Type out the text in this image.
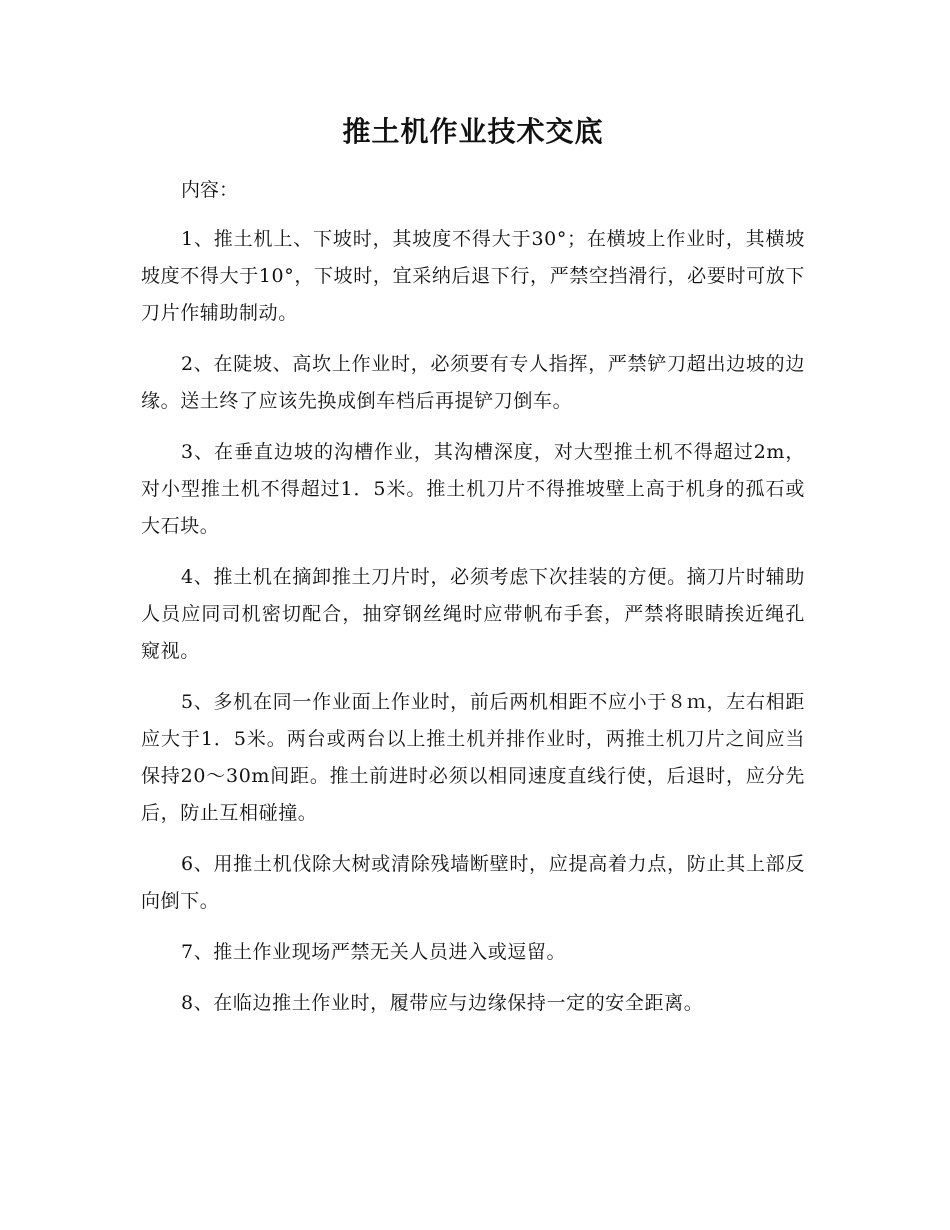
推土机作业技术交底

内容：

1、推土机上、下坡时，其坡度不得大于30°；在横坡上作业时，其横坡坡度不得大于10°，下坡时，宜采纳后退下行，严禁空挡滑行，必要时可放下刀片作辅助制动。

2、在陡坡、高坎上作业时，必须要有专人指挥，严禁铲刀超出边坡的边缘。送土终了应该先换成倒车档后再提铲刀倒车。

3、在垂直边坡的沟槽作业，其沟槽深度，对大型推土机不得超过2m，对小型推土机不得超过1．5米。推土机刀片不得推坡壁上高于机身的孤石或大石块。

4、推土机在摘卸推土刀片时，必须考虑下次挂装的方便。摘刀片时辅助人员应同司机密切配合，抽穿钢丝绳时应带帆布手套，严禁将眼睛挨近绳孔窥视。

5、多机在同一作业面上作业时，前后两机相距不应小于８ｍ，左右相距应大于1．5米。两台或两台以上推土机并排作业时，两推土机刀片之间应当保持20～30m间距。推土前进时必须以相同速度直线行使，后退时，应分先后，防止互相碰撞。

6、用推土机伐除大树或清除残墙断壁时，应提高着力点，防止其上部反向倒下。

7、推土作业现场严禁无关人员进入或逗留。

8、在临边推土作业时，履带应与边缘保持一定的安全距离。
